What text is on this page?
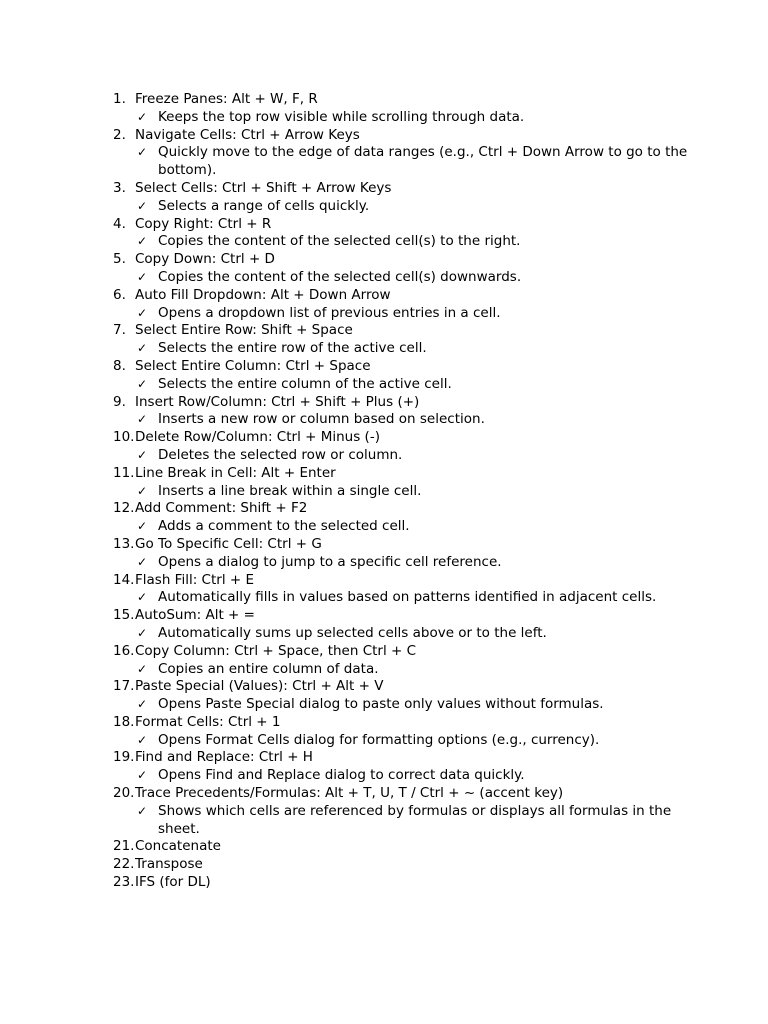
1. Freeze Panes: Alt + W, F, R
✓ Keeps the top row visible while scrolling through data.
2. Navigate Cells: Ctrl + Arrow Keys
✓ Quickly move to the edge of data ranges (e.g., Ctrl + Down Arrow to go to the bottom).
3. Select Cells: Ctrl + Shift + Arrow Keys
✓ Selects a range of cells quickly.
4. Copy Right: Ctrl + R
✓ Copies the content of the selected cell(s) to the right.
5. Copy Down: Ctrl + D
✓ Copies the content of the selected cell(s) downwards.
6. Auto Fill Dropdown: Alt + Down Arrow
✓ Opens a dropdown list of previous entries in a cell.
7. Select Entire Row: Shift + Space
✓ Selects the entire row of the active cell.
8. Select Entire Column: Ctrl + Space
✓ Selects the entire column of the active cell.
9. Insert Row/Column: Ctrl + Shift + Plus (+)
✓ Inserts a new row or column based on selection.
10. Delete Row/Column: Ctrl + Minus (-)
✓ Deletes the selected row or column.
11. Line Break in Cell: Alt + Enter
✓ Inserts a line break within a single cell.
12. Add Comment: Shift + F2
✓ Adds a comment to the selected cell.
13. Go To Specific Cell: Ctrl + G
✓ Opens a dialog to jump to a specific cell reference.
14. Flash Fill: Ctrl + E
✓ Automatically fills in values based on patterns identified in adjacent cells.
15. AutoSum: Alt + =
✓ Automatically sums up selected cells above or to the left.
16. Copy Column: Ctrl + Space, then Ctrl + C
✓ Copies an entire column of data.
17. Paste Special (Values): Ctrl + Alt + V
✓ Opens Paste Special dialog to paste only values without formulas.
18. Format Cells: Ctrl + 1
✓ Opens Format Cells dialog for formatting options (e.g., currency).
19. Find and Replace: Ctrl + H
✓ Opens Find and Replace dialog to correct data quickly.
20. Trace Precedents/Formulas: Alt + T, U, T / Ctrl + ~ (accent key)
✓ Shows which cells are referenced by formulas or displays all formulas in the sheet.
21. Concatenate
22. Transpose
23. IFS (for DL)
